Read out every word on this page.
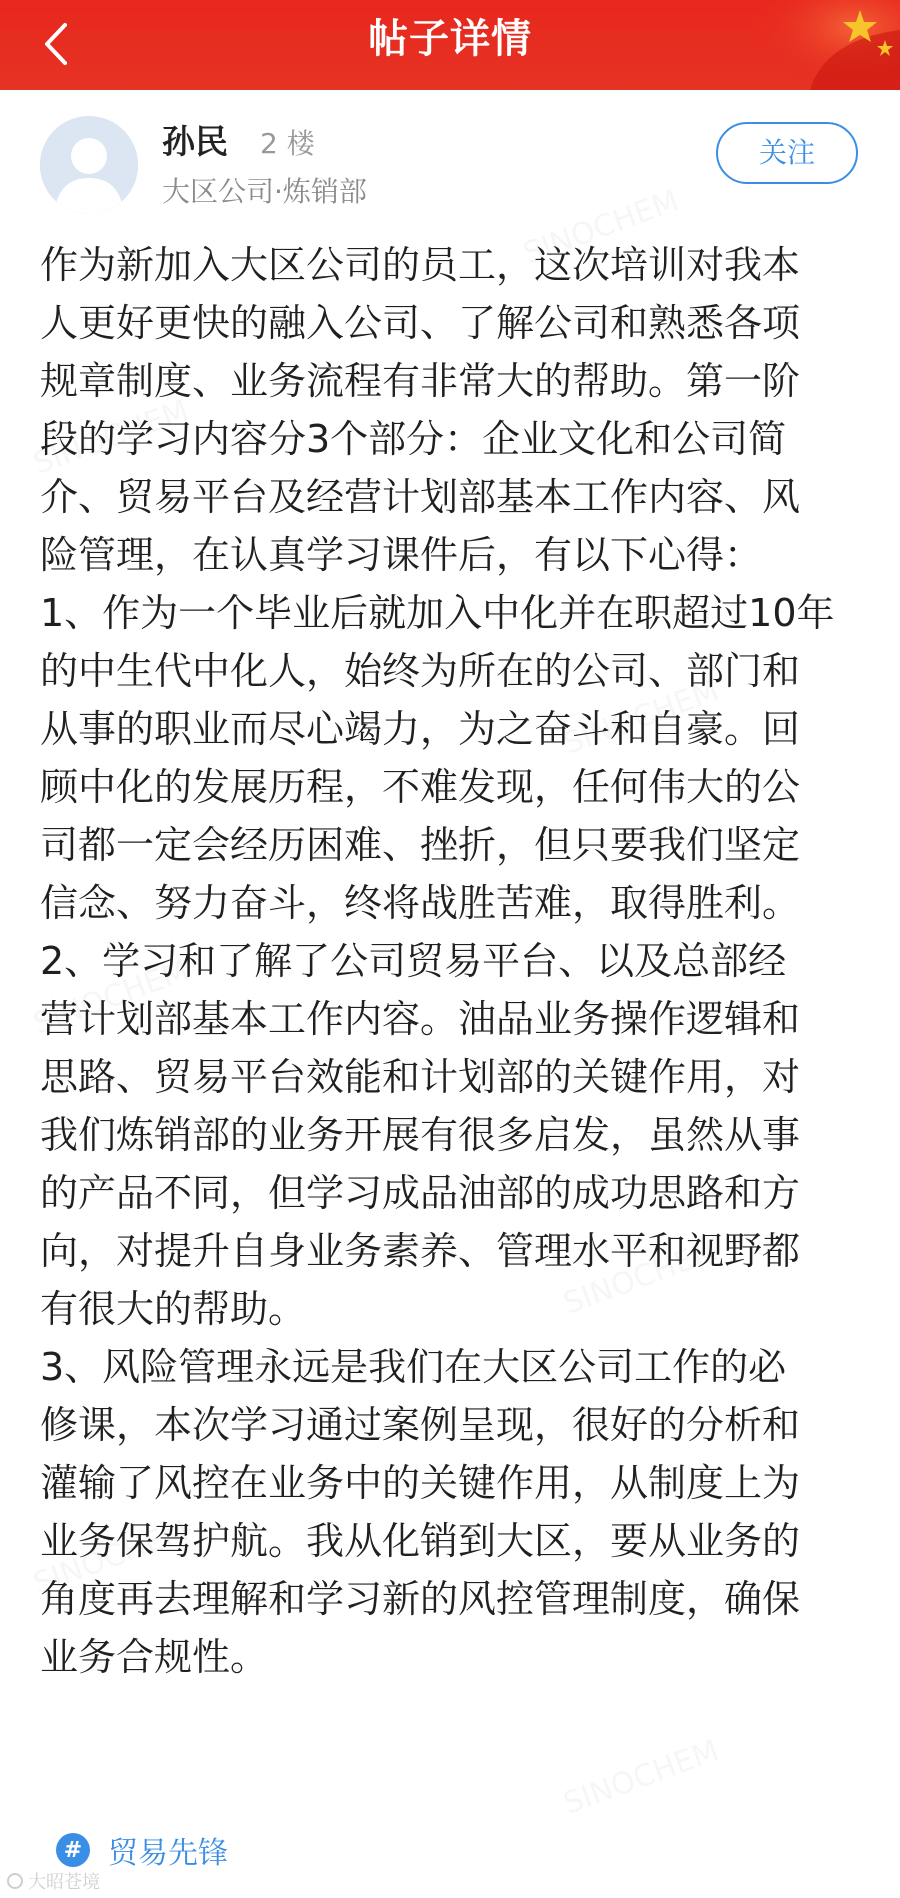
帖子详情
孙民 2 楼
大区公司·炼销部
关注
作为新加入大区公司的员工，这次培训对我本
人更好更快的融入公司、了解公司和熟悉各项
规章制度、业务流程有非常大的帮助。第一阶
段的学习内容分3个部分：企业文化和公司简
介、贸易平台及经营计划部基本工作内容、风
险管理，在认真学习课件后，有以下心得：
1、作为一个毕业后就加入中化并在职超过10年
的中生代中化人，始终为所在的公司、部门和
从事的职业而尽心竭力，为之奋斗和自豪。回
顾中化的发展历程，不难发现，任何伟大的公
司都一定会经历困难、挫折，但只要我们坚定
信念、努力奋斗，终将战胜苦难，取得胜利。
2、学习和了解了公司贸易平台、以及总部经
营计划部基本工作内容。油品业务操作逻辑和
思路、贸易平台效能和计划部的关键作用，对
我们炼销部的业务开展有很多启发，虽然从事
的产品不同，但学习成品油部的成功思路和方
向，对提升自身业务素养、管理水平和视野都
有很大的帮助。
3、风险管理永远是我们在大区公司工作的必
修课，本次学习通过案例呈现，很好的分析和
灌输了风控在业务中的关键作用，从制度上为
业务保驾护航。我从化销到大区，要从业务的
角度再去理解和学习新的风控管理制度，确保
业务合规性。
# 贸易先锋
大昭苍境
